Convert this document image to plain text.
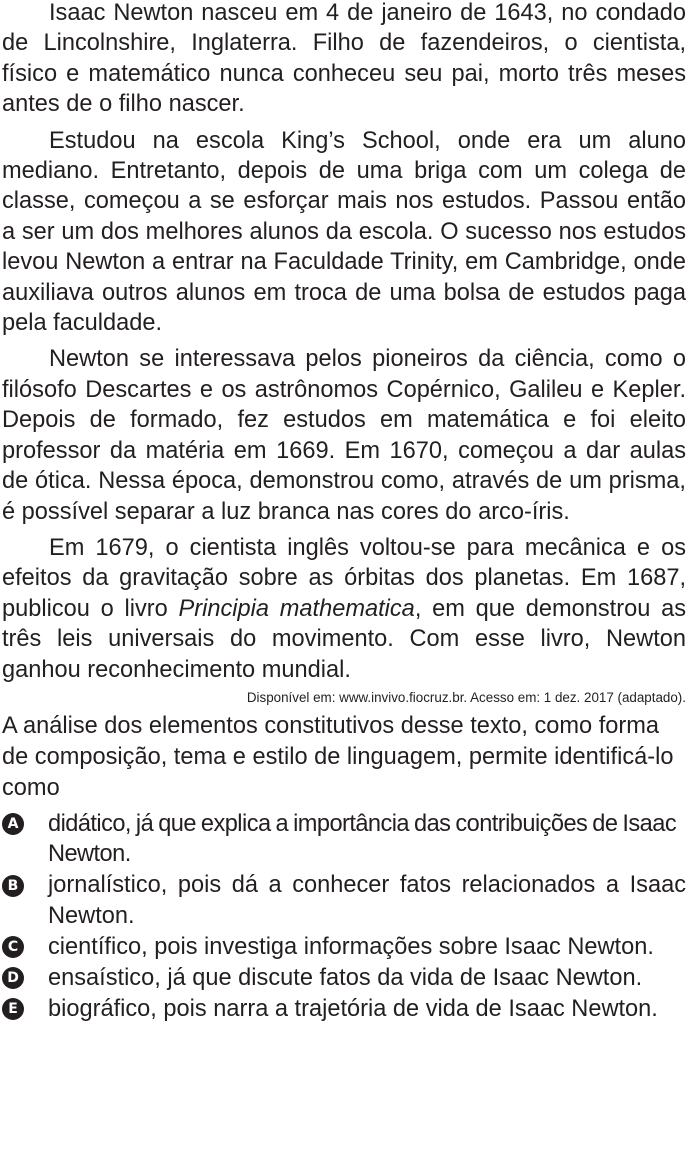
Isaac Newton nasceu em 4 de janeiro de 1643, no condado de Lincolnshire, Inglaterra. Filho de fazendeiros, o cientista, físico e matemático nunca conheceu seu pai, morto três meses antes de o filho nascer.

Estudou na escola King’s School, onde era um aluno mediano. Entretanto, depois de uma briga com um colega de classe, começou a se esforçar mais nos estudos. Passou então a ser um dos melhores alunos da escola. O sucesso nos estudos levou Newton a entrar na Faculdade Trinity, em Cambridge, onde auxiliava outros alunos em troca de uma bolsa de estudos paga pela faculdade.

Newton se interessava pelos pioneiros da ciência, como o filósofo Descartes e os astrônomos Copérnico, Galileu e Kepler. Depois de formado, fez estudos em matemática e foi eleito professor da matéria em 1669. Em 1670, começou a dar aulas de ótica. Nessa época, demonstrou como, através de um prisma, é possível separar a luz branca nas cores do arco-íris.

Em 1679, o cientista inglês voltou-se para mecânica e os efeitos da gravitação sobre as órbitas dos planetas. Em 1687, publicou o livro Principia mathematica, em que demonstrou as três leis universais do movimento. Com esse livro, Newton ganhou reconhecimento mundial.

Disponível em: www.invivo.fiocruz.br. Acesso em: 1 dez. 2017 (adaptado).
A análise dos elementos constitutivos desse texto, como forma de composição, tema e estilo de linguagem, permite identificá-lo como
A didático, já que explica a importância das contribuições de Isaac Newton.
B jornalístico, pois dá a conhecer fatos relacionados a Isaac Newton.
C científico, pois investiga informações sobre Isaac Newton.
D ensaístico, já que discute fatos da vida de Isaac Newton.
E biográfico, pois narra a trajetória de vida de Isaac Newton.
